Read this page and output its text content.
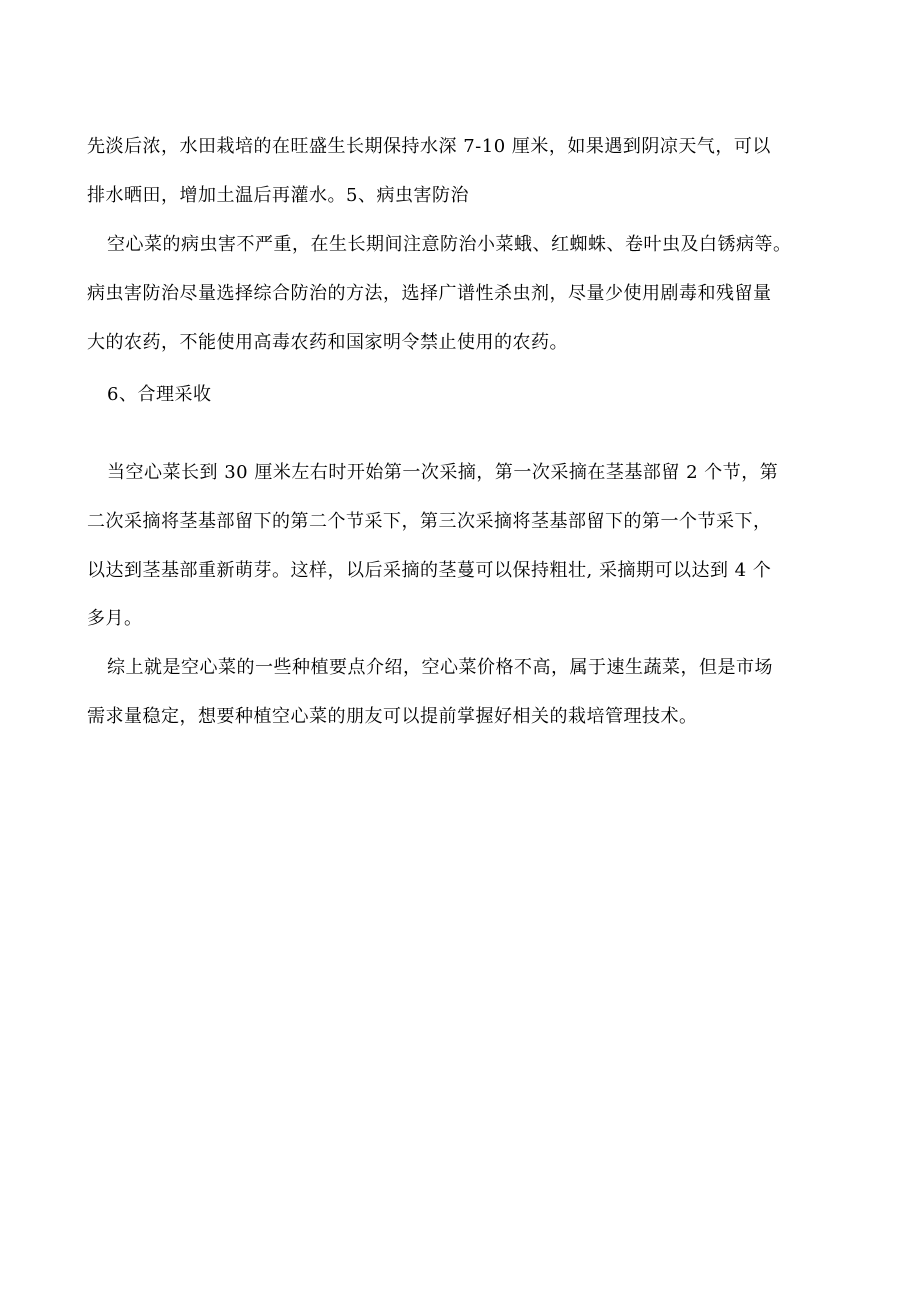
先淡后浓，水田栽培的在旺盛生长期保持水深 7-10 厘米，如果遇到阴凉天气，可以
排水晒田，增加土温后再灌水。5、病虫害防治
空心菜的病虫害不严重，在生长期间注意防治小菜蛾、红蜘蛛、卷叶虫及白锈病等。
病虫害防治尽量选择综合防治的方法，选择广谱性杀虫剂，尽量少使用剧毒和残留量
大的农药，不能使用高毒农药和国家明令禁止使用的农药。
6、合理采收
当空心菜长到 30 厘米左右时开始第一次采摘，第一次采摘在茎基部留 2 个节，第
二次采摘将茎基部留下的第二个节采下，第三次采摘将茎基部留下的第一个节采下，
以达到茎基部重新萌芽。这样，以后采摘的茎蔓可以保持粗壮, 采摘期可以达到 4 个
多月。
综上就是空心菜的一些种植要点介绍，空心菜价格不高，属于速生蔬菜，但是市场
需求量稳定，想要种植空心菜的朋友可以提前掌握好相关的栽培管理技术。
